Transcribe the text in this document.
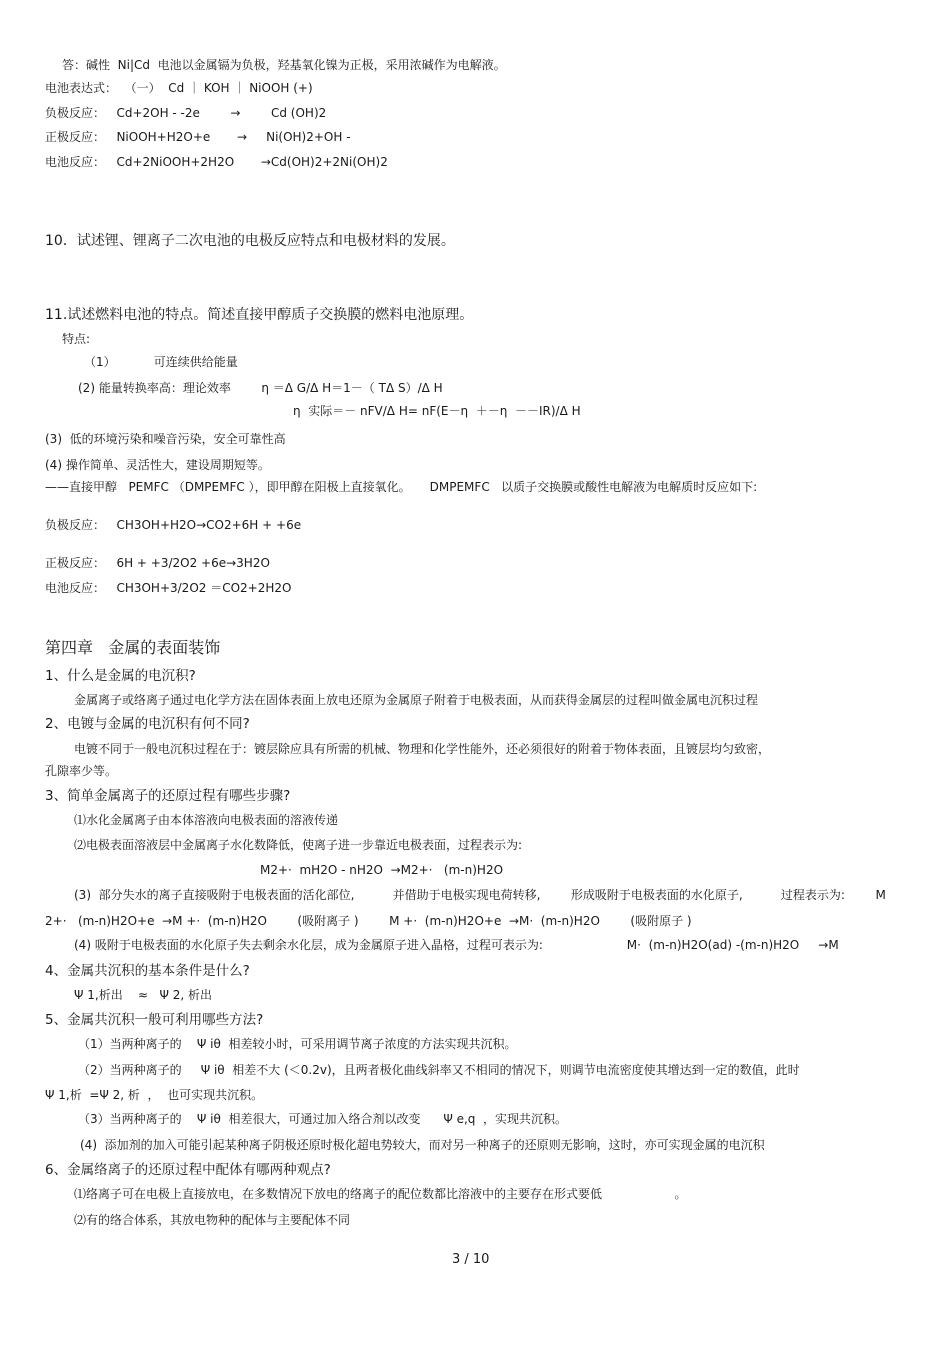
答：碱性  Ni|Cd  电池以金属镉为负极，羟基氧化镍为正极，采用浓碱作为电解液。
电池表达式：  （一）  Cd ｜ KOH ｜ NiOOH (+)
负极反应：   Cd+2OH - -2e        →        Cd (OH)2
正极反应：   NiOOH+H2O+e       →     Ni(OH)2+OH -
电池反应：   Cd+2NiOOH+2H2O       →Cd(OH)2+2Ni(OH)2
10．试述锂、锂离子二次电池的电极反应特点和电极材料的发展。
11.试述燃料电池的特点。简述直接甲醇质子交换膜的燃料电池原理。
特点:
（1）          可连续供给能量
(2) 能量转换率高：理论效率        η ＝Δ G/Δ H＝1－（ TΔ S）/Δ H
η  实际＝－ nFV/Δ H= nF(E－η  ＋－η  －－IR)/Δ H
(3)  低的环境污染和噪音污染，安全可靠性高
(4) 操作简单、灵活性大，建设周期短等。
——直接甲醇   PEMFC （DMPEMFC ），即甲醇在阳极上直接氧化。     DMPEMFC   以质子交换膜或酸性电解液为电解质时反应如下:
负极反应：   CH3OH+H2O→CO2+6H + +6e
正极反应：   6H + +3/2O2 +6e→3H2O
电池反应：   CH3OH+3/2O2 ＝CO2+2H2O
第四章   金属的表面装饰
1、什么是金属的电沉积?
金属离子或络离子通过电化学方法在固体表面上放电还原为金属原子附着于电极表面，从而获得金属层的过程叫做金属电沉积过程
2、电镀与金属的电沉积有何不同?
电镀不同于一般电沉积过程在于：镀层除应具有所需的机械、物理和化学性能外，还必须很好的附着于物体表面，且镀层均匀致密，
孔隙率少等。
3、简单金属离子的还原过程有哪些步骤?
⑴水化金属离子由本体溶液向电极表面的溶液传递
⑵电极表面溶液层中金属离子水化数降低，使离子进一步靠近电极表面，过程表示为:
M2+·  mH2O - nH2O  →M2+·   (m-n)H2O
(3)  部分失水的离子直接吸附于电极表面的活化部位,          并借助于电极实现电荷转移,        形成吸附于电极表面的水化原子,          过程表示为:        M
2+·   (m-n)H2O+e  →M +·  (m-n)H2O        (吸附离子 )        M +·  (m-n)H2O+e  →M·  (m-n)H2O        (吸附原子 )
(4) 吸附于电极表面的水化原子失去剩余水化层，成为金属原子进入晶格，过程可表示为:                      M·  (m-n)H2O(ad) -(m-n)H2O     →M
4、金属共沉积的基本条件是什么?
Ψ 1,析出    ≈   Ψ 2, 析出
5、金属共沉积一般可利用哪些方法?
（1）当两种离子的    Ψ iθ  相差较小时，可采用调节离子浓度的方法实现共沉积。
（2）当两种离子的     Ψ iθ  相差不大 (＜0.2v)，且两者极化曲线斜率又不相同的情况下，则调节电流密度使其增达到一定的数值，此时
Ψ 1,析  =Ψ 2, 析  ，  也可实现共沉积。
（3）当两种离子的    Ψ iθ  相差很大，可通过加入络合剂以改变      Ψ e,q  ，实现共沉积。
(4)  添加剂的加入可能引起某种离子阴极还原时极化超电势较大，而对另一种离子的还原则无影响，这时，亦可实现金属的电沉积
6、金属络离子的还原过程中配体有哪两种观点?
⑴络离子可在电极上直接放电，在多数情况下放电的络离子的配位数都比溶液中的主要存在形式要低                   。
⑵有的络合体系，其放电物种的配体与主要配体不同
3 / 10
